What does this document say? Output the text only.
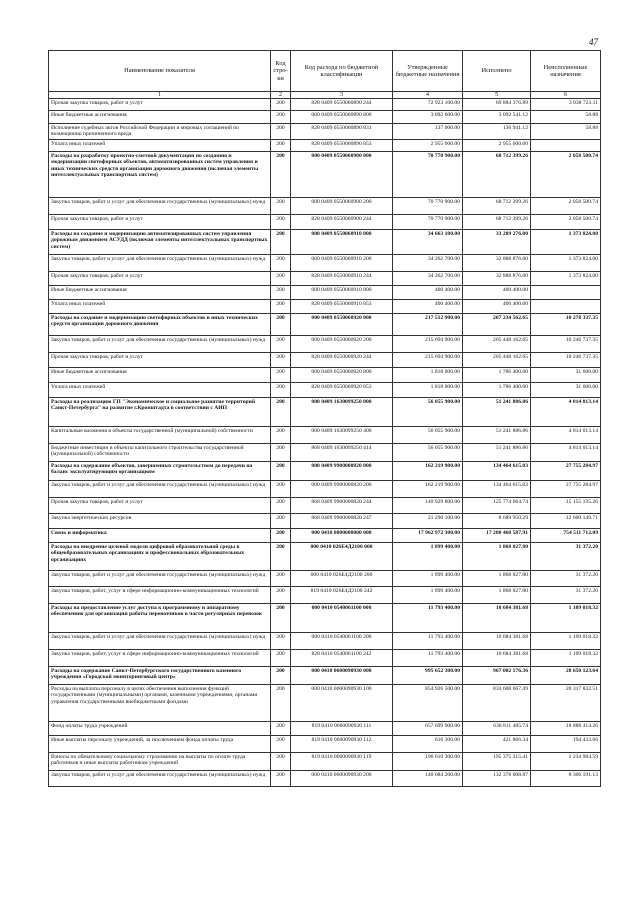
47
Наименование показателя	Код стро-ки	Код расхода по бюджетной классификации	Утвержденные бюджетные назначения	Исполнено	Неисполненные назначения
1	2	3	4	5	6
Прочая закупка товаров, работ и услуг	200	828 0409 0550060890 244	72 923 100.00	69 884 376.89	3 038 723.11
Иные бюджетные ассигнования	200	000 0409 0550060890 800	3 092 600.00	3 092 541.12	58.88
Исполнение судебных актов Российской Федерации и мировых соглашений по возмещению причиненного вреда	200	828 0409 0550060890 831	137 000.00	136 941.12	58.88
Уплата иных платежей	200	828 0409 0550060890 853	2 955 600.00	2 955 600.00	
Расходы на разработку проектно-сметной документации по созданию и модернизации светофорных объектов, автоматизированных систем управления и иных технических средств организации дорожного движения (включая элементы интеллектуальных транспортных систем)	200	000 0409 0550060900 000	70 770 900.00	68 712 399.26	2 058 500.74
Закупка товаров, работ и услуг для обеспечения государственных (муниципальных) нужд	200	000 0409 0550060900 200	70 770 900.00	68 712 399.26	2 058 500.74
Прочая закупка товаров, работ и услуг	200	828 0409 0550060900 244	70 770 900.00	68 712 399.26	2 058 500.74
Расходы на создание и модернизацию автоматизированных систем управления дорожным движением АСУДД (включая элементы интеллектуальных транспортных систем)	200	000 0409 0550060910 000	34 663 100.00	33 289 276.00	1 373 824.00
Закупка товаров, работ и услуг для обеспечения государственных (муниципальных) нужд	200	000 0409 0550060910 200	34 262 700.00	32 888 876.00	1 373 824.00
Прочая закупка товаров, работ и услуг	200	828 0409 0550060910 244	34 262 700.00	32 888 876.00	1 373 824.00
Иные бюджетные ассигнования	200	000 0409 0550060910 800	400 400.00	400 400.00	
Уплата иных платежей	200	828 0409 0550060910 853	400 400.00	400 400.00	
Расходы на создание и модернизацию светофорных объектов и иных технических средств организации дорожного движения	200	000 0409 0550060920 000	217 512 900.00	207 234 562.65	10 278 337.35
Закупка товаров, работ и услуг для обеспечения государственных (муниципальных) нужд	200	000 0409 0550060920 200	215 694 900.00	205 448 162.65	10 246 737.35
Прочая закупка товаров, работ и услуг	200	828 0409 0550060920 244	215 694 900.00	205 448 162.65	10 246 737.35
Иные бюджетные ассигнования	200	000 0409 0550060920 800	1 818 000.00	1 786 400.00	31 600.00
Уплата иных платежей	200	828 0409 0550060920 853	1 818 000.00	1 786 400.00	31 600.00
Расходы на реализацию ГП "Экономическое и социальное развитие территорий Санкт-Петербурга" на развитие г.Кронштадта в соответствии с АИП	200	000 0409 1630099250 000	56 055 900.00	51 241 886.86	4 814 013.14
Капитальные вложения в объекты государственной (муниципальной) собственности	200	000 0409 1630099250 400	56 055 900.00	51 241 886.86	4 814 013.14
Бюджетные инвестиции в объекты капитального строительства государственной (муниципальной) собственности	200	868 0409 1630099250 414	56 055 900.00	51 241 886.86	4 814 013.14
Расходы на содержание объектов, завершенных строительством до передачи на баланс эксплуатирующим организациям	200	000 0409 9900000820 000	162 219 900.00	134 464 615.03	27 755 284.97
Закупка товаров, работ и услуг для обеспечения государственных (муниципальных) нужд	200	000 0409 9900000820 200	162 219 900.00	134 464 615.03	27 755 284.97
Прочая закупка товаров, работ и услуг	200	868 0409 9900000820 244	140 929 800.00	125 774 664.74	15 155 135.26
Закупка энергетических ресурсов	200	868 0409 9900000820 247	21 290 100.00	8 689 950.29	12 600 149.71
Связь и информатика	200	000 0410 0000000000 000	17 962 972 300.00	17 208 460 587.91	754 511 712.09
Расходы на внедрение целевой модели цифровой образовательной среды в общеобразовательных организациях и профессиональных образовательных организациях	200	000 0410 026E4Д2100 000	1 899 400.00	1 868 027.80	31 372.20
Закупка товаров, работ и услуг для обеспечения государственных (муниципальных) нужд	200	000 0410 026E4Д2100 200	1 899 400.00	1 868 027.80	31 372.20
Закупка товаров, работ, услуг в сфере информационно-коммуникационных технологий	200	819 0410 026E4Д2100 242	1 899 400.00	1 868 027.80	31 372.20
Расходы на предоставление услуг доступа к программному и аппаратному обеспечению для организации работы перевозчиков в части регулярных перевозок	200	000 0410 0540061100 000	11 793 400.00	10 684 381.68	1 109 018.32
Закупка товаров, работ и услуг для обеспечения государственных (муниципальных) нужд	200	000 0410 0540061100 200	11 793 400.00	10 684 381.68	1 109 018.32
Закупка товаров, работ, услуг в сфере информационно-коммуникационных технологий	200	828 0410 0540061100 242	11 793 400.00	10 684 381.68	1 109 018.32
Расходы на содержание Санкт-Петербургского государственного казенного учреждения «Городской мониторинговый центр»	200	000 0410 0600090930 000	995 652 300.00	967 002 176.36	28 650 123.64
Расходы на выплаты персоналу в целях обеспечения выполнения функций государственными (муниципальными) органами, казенными учреждениями, органами управления государственными внебюджетными фондами	200	000 0410 0600090930 100	854 926 500.00	834 608 667.49	20 317 832.51
Фонд оплаты труда учреждений	200	819 0410 0600090930 111	657 699 900.00	638 811 485.74	18 888 414.26
Иные выплаты персоналу учреждений, за исключением фонда оплаты труда	200	819 0410 0600090930 112	616 300.00	421 866.34	194 433.66
Взносы по обязательному социальному страхованию на выплаты по оплате труда работников и иные выплаты работникам учреждений	200	819 0410 0600090930 119	196 610 300.00	195 375 315.41	1 234 984.59
Закупка товаров, работ и услуг для обеспечения государственных (муниципальных) нужд	200	000 0410 0600090930 200	140 684 200.00	132 378 008.87	8 306 191.13
